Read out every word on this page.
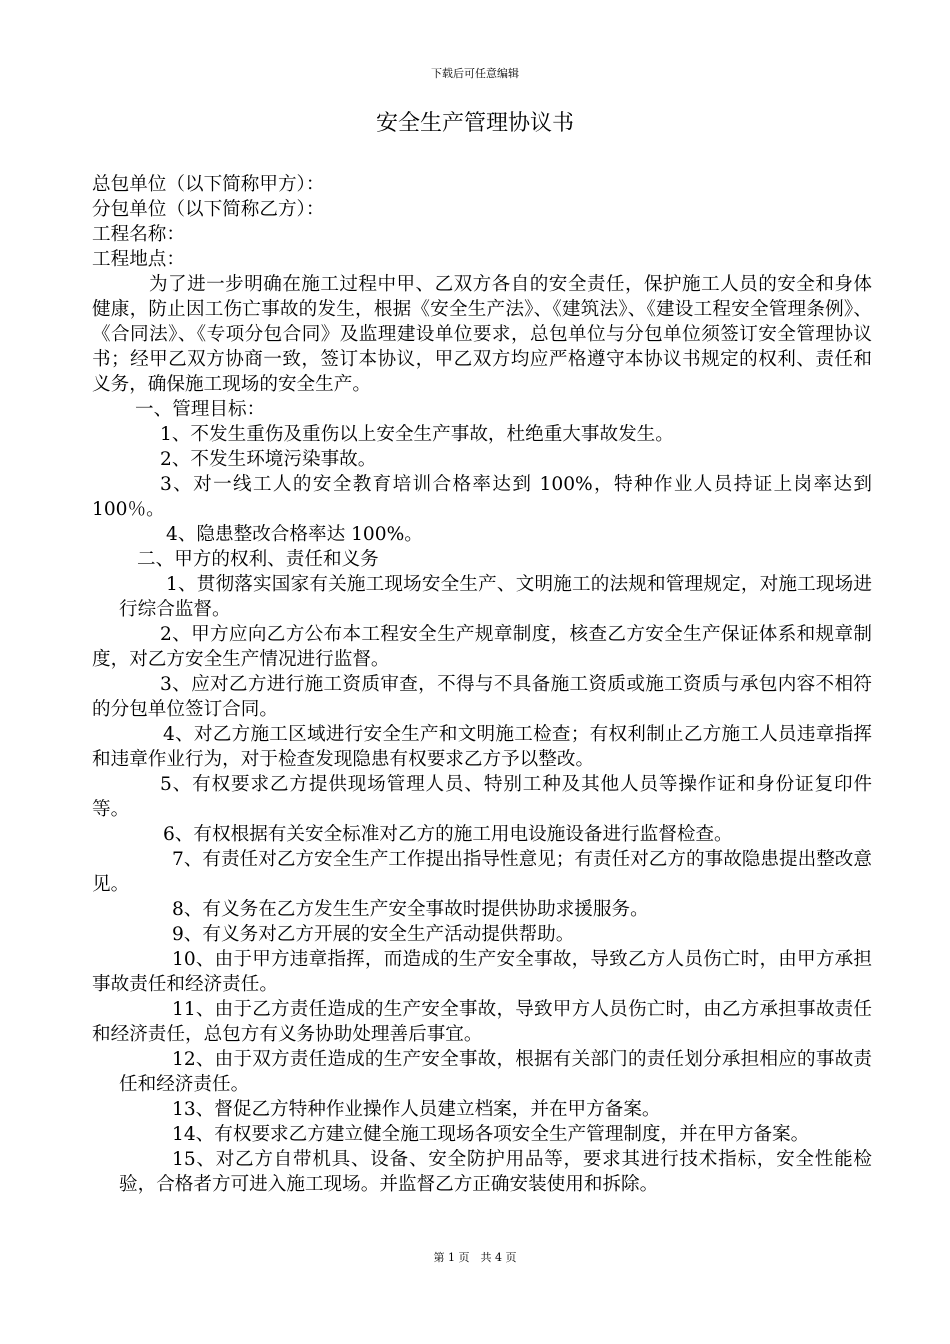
下载后可任意编辑
安全生产管理协议书

总包单位（以下简称甲方）：

分包单位（以下简称乙方）：

工程名称：

工程地点：

为了进一步明确在施工过程中甲、乙双方各自的安全责任，保护施工人员的安全和身体健康，防止因工伤亡事故的发生，根据《安全生产法》、《建筑法》、《建设工程安全管理条例》、《合同法》、《专项分包合同》及监理建设单位要求，总包单位与分包单位须签订安全管理协议书；经甲乙双方协商一致，签订本协议，甲乙双方均应严格遵守本协议书规定的权利、责任和义务，确保施工现场的安全生产。

一、管理目标：

1、不发生重伤及重伤以上安全生产事故，杜绝重大事故发生。

2、不发生环境污染事故。

3、对一线工人的安全教育培训合格率达到 100%，特种作业人员持证上岗率达到 100％。

4、隐患整改合格率达 100%。

二、甲方的权利、责任和义务

1、贯彻落实国家有关施工现场安全生产、文明施工的法规和管理规定，对施工现场进行综合监督。

2、甲方应向乙方公布本工程安全生产规章制度，核查乙方安全生产保证体系和规章制度，对乙方安全生产情况进行监督。

3、应对乙方进行施工资质审查，不得与不具备施工资质或施工资质与承包内容不相符的分包单位签订合同。

4、对乙方施工区域进行安全生产和文明施工检查；有权利制止乙方施工人员违章指挥和违章作业行为，对于检查发现隐患有权要求乙方予以整改。

5、有权要求乙方提供现场管理人员、特别工种及其他人员等操作证和身份证复印件等。

6、有权根据有关安全标准对乙方的施工用电设施设备进行监督检查。

7、有责任对乙方安全生产工作提出指导性意见；有责任对乙方的事故隐患提出整改意见。

8、有义务在乙方发生生产安全事故时提供协助求援服务。

9、有义务对乙方开展的安全生产活动提供帮助。

10、由于甲方违章指挥，而造成的生产安全事故，导致乙方人员伤亡时，由甲方承担事故责任和经济责任。

11、由于乙方责任造成的生产安全事故，导致甲方人员伤亡时，由乙方承担事故责任和经济责任，总包方有义务协助处理善后事宜。

12、由于双方责任造成的生产安全事故，根据有关部门的责任划分承担相应的事故责任和经济责任。

13、督促乙方特种作业操作人员建立档案，并在甲方备案。

14、有权要求乙方建立健全施工现场各项安全生产管理制度，并在甲方备案。

15、对乙方自带机具、设备、安全防护用品等，要求其进行技术指标，安全性能检验，合格者方可进入施工现场。并监督乙方正确安装使用和拆除。

第 1 页　共 4 页
